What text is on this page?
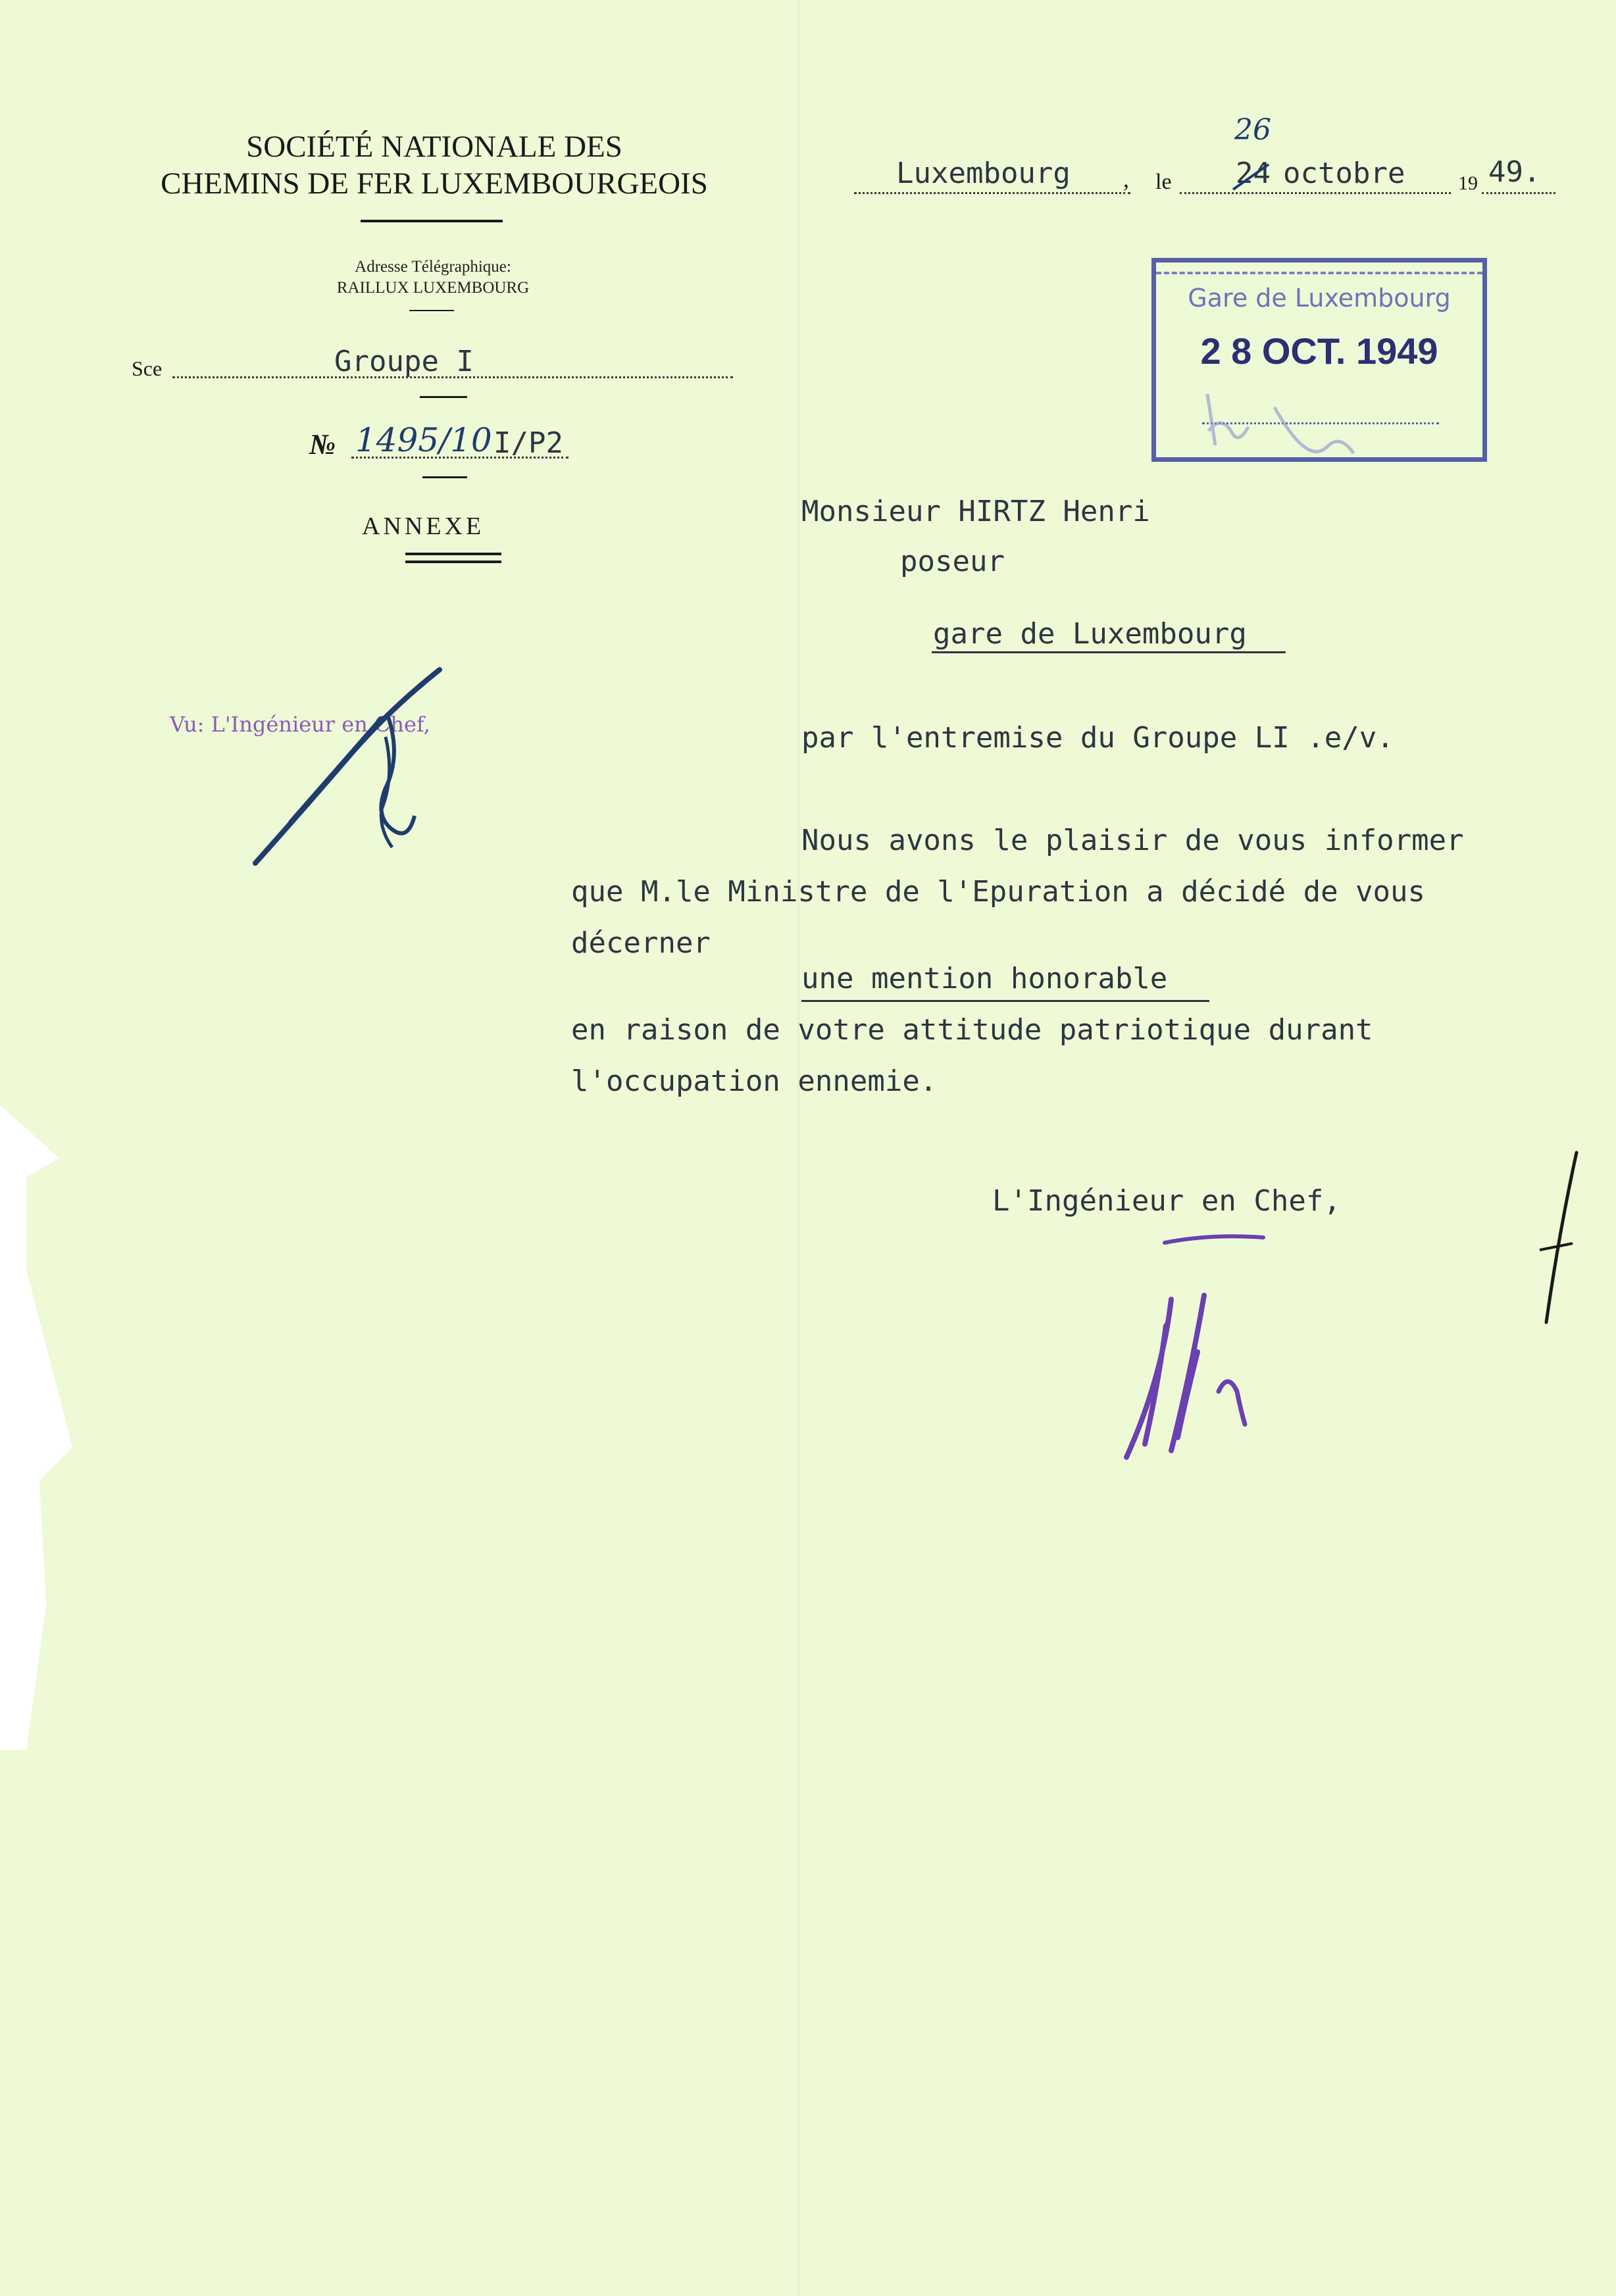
SOCIÉTÉ NATIONALE DES
CHEMINS DE FER LUXEMBOURGEOIS
Adresse Télégraphique:
RAILLUX LUXEMBOURG
Luxembourg , le 24
26
octobre	19 49.
Sce	Groupe I
№ 1495/10 I/P2
ANNEXE
Gare de Luxembourg
2 8 OCT. 1949
Monsieur HIRTZ Henri
poseur
gare de Luxembourg
Vu: L'Ingénieur en Chef,	par l'entremise du Groupe LI .e/v.
Nous avons le plaisir de vous informer
que M.le Ministre de l'Epuration a décidé de vous
décerner
une mention honorable
en raison de votre attitude patriotique durant
l'occupation ennemie.
L'Ingénieur en Chef,
